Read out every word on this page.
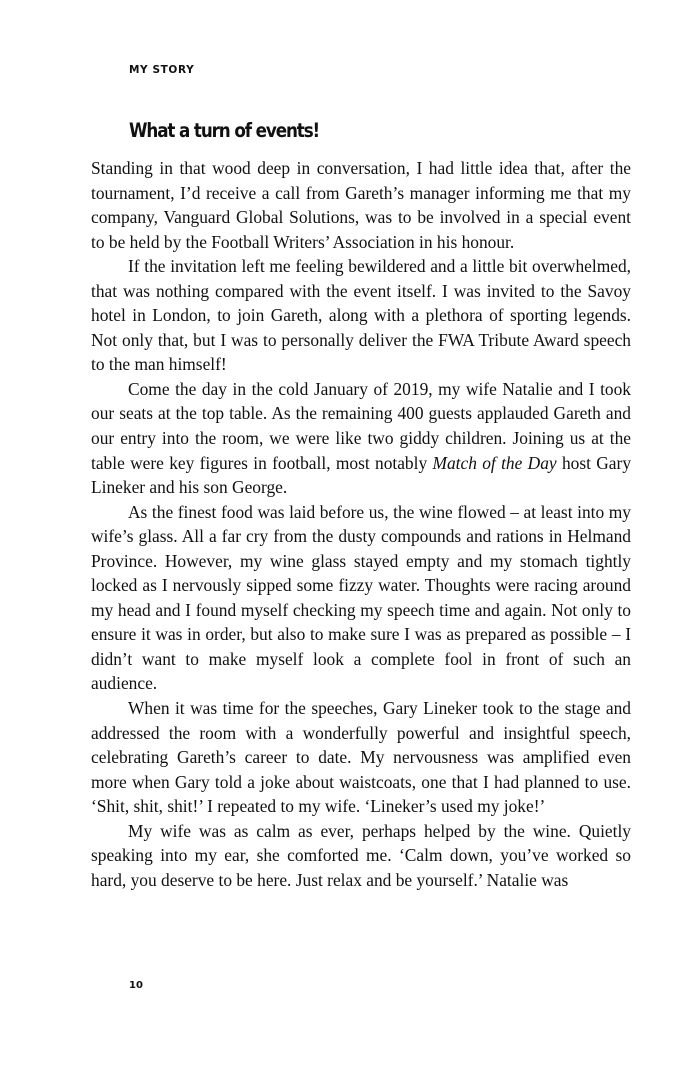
MY STORY
What a turn of events!

Standing in that wood deep in conversation, I had little idea that, after the tournament, I’d receive a call from Gareth’s manager informing me that my company, Vanguard Global Solutions, was to be involved in a special event to be held by the Football Writers’ Association in his honour.

If the invitation left me feeling bewildered and a little bit overwhelmed, that was nothing compared with the event itself. I was invited to the Savoy hotel in London, to join Gareth, along with a plethora of sporting legends. Not only that, but I was to personally deliver the FWA Tribute Award speech to the man himself!

Come the day in the cold January of 2019, my wife Natalie and I took our seats at the top table. As the remaining 400 guests applauded Gareth and our entry into the room, we were like two giddy children. Joining us at the table were key figures in football, most notably Match of the Day host Gary Lineker and his son George.

As the finest food was laid before us, the wine flowed – at least into my wife’s glass. All a far cry from the dusty compounds and rations in Helmand Province. However, my wine glass stayed empty and my stomach tightly locked as I nervously sipped some fizzy water. Thoughts were racing around my head and I found myself checking my speech time and again. Not only to ensure it was in order, but also to make sure I was as prepared as possible – I didn’t want to make myself look a complete fool in front of such an audience.

When it was time for the speeches, Gary Lineker took to the stage and addressed the room with a wonderfully powerful and insightful speech, celebrating Gareth’s career to date. My nervousness was amplified even more when Gary told a joke about waistcoats, one that I had planned to use. ‘Shit, shit, shit!’ I repeated to my wife. ‘Lineker’s used my joke!’

My wife was as calm as ever, perhaps helped by the wine. Quietly speaking into my ear, she comforted me. ‘Calm down, you’ve worked so hard, you deserve to be here. Just relax and be yourself.’ Natalie was

10
